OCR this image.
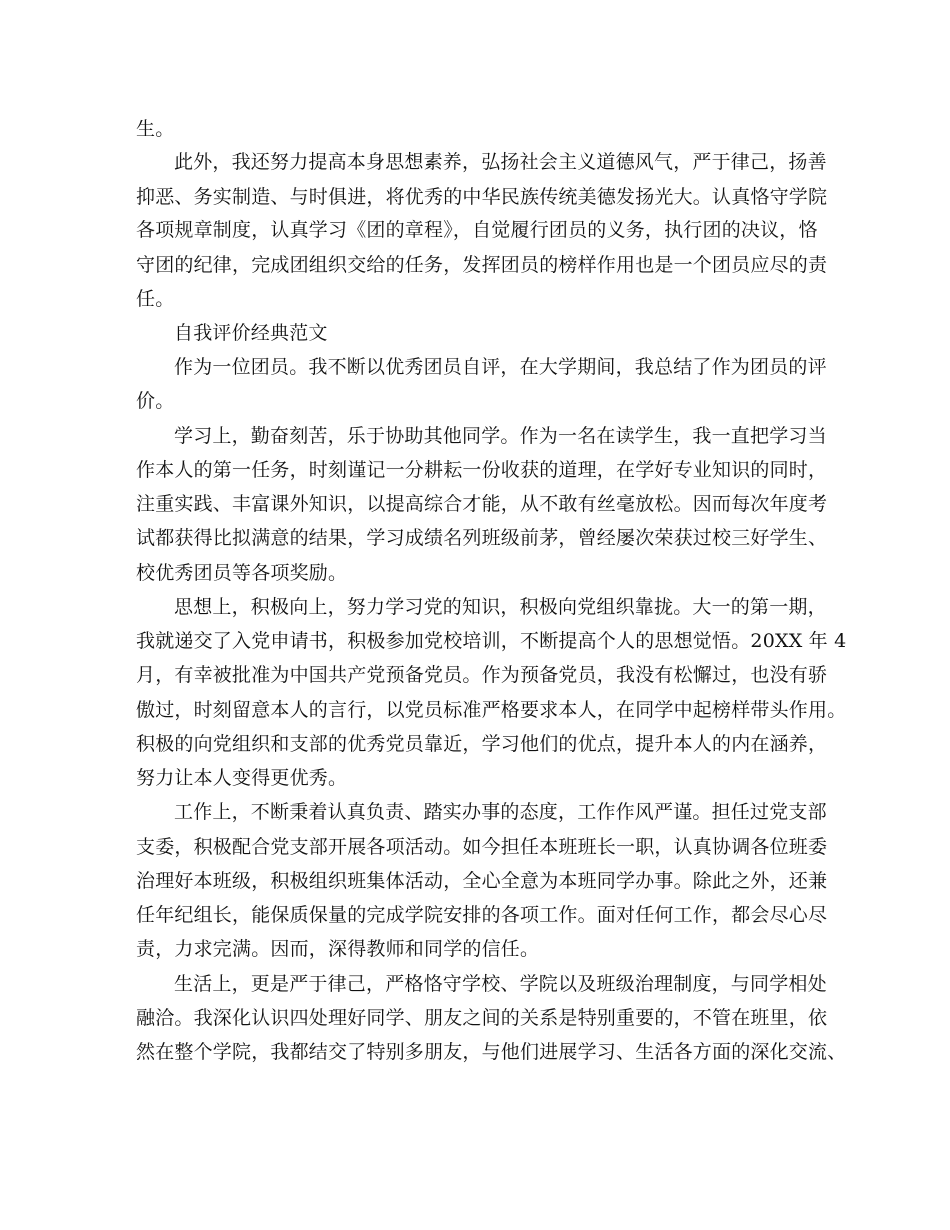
生。
此外，我还努力提高本身思想素养，弘扬社会主义道德风气，严于律己，扬善
抑恶、务实制造、与时俱进，将优秀的中华民族传统美德发扬光大。认真恪守学院
各项规章制度，认真学习《团的章程》，自觉履行团员的义务，执行团的决议，恪
守团的纪律，完成团组织交给的任务，发挥团员的榜样作用也是一个团员应尽的责
任。
自我评价经典范文
作为一位团员。我不断以优秀团员自评，在大学期间，我总结了作为团员的评
价。
学习上，勤奋刻苦，乐于协助其他同学。作为一名在读学生，我一直把学习当
作本人的第一任务，时刻谨记一分耕耘一份收获的道理，在学好专业知识的同时，
注重实践、丰富课外知识，以提高综合才能，从不敢有丝毫放松。因而每次年度考
试都获得比拟满意的结果，学习成绩名列班级前茅，曾经屡次荣获过校三好学生、
校优秀团员等各项奖励。
思想上，积极向上，努力学习党的知识，积极向党组织靠拢。大一的第一期，
我就递交了入党申请书，积极参加党校培训，不断提高个人的思想觉悟。20XX 年 4
月，有幸被批准为中国共产党预备党员。作为预备党员，我没有松懈过，也没有骄
傲过，时刻留意本人的言行，以党员标准严格要求本人，在同学中起榜样带头作用。
积极的向党组织和支部的优秀党员靠近，学习他们的优点，提升本人的内在涵养，
努力让本人变得更优秀。
工作上，不断秉着认真负责、踏实办事的态度，工作作风严谨。担任过党支部
支委，积极配合党支部开展各项活动。如今担任本班班长一职，认真协调各位班委
治理好本班级，积极组织班集体活动，全心全意为本班同学办事。除此之外，还兼
任年纪组长，能保质保量的完成学院安排的各项工作。面对任何工作，都会尽心尽
责，力求完满。因而，深得教师和同学的信任。
生活上，更是严于律己，严格恪守学校、学院以及班级治理制度，与同学相处
融洽。我深化认识四处理好同学、朋友之间的关系是特别重要的，不管在班里，依
然在整个学院，我都结交了特别多朋友，与他们进展学习、生活各方面的深化交流、
